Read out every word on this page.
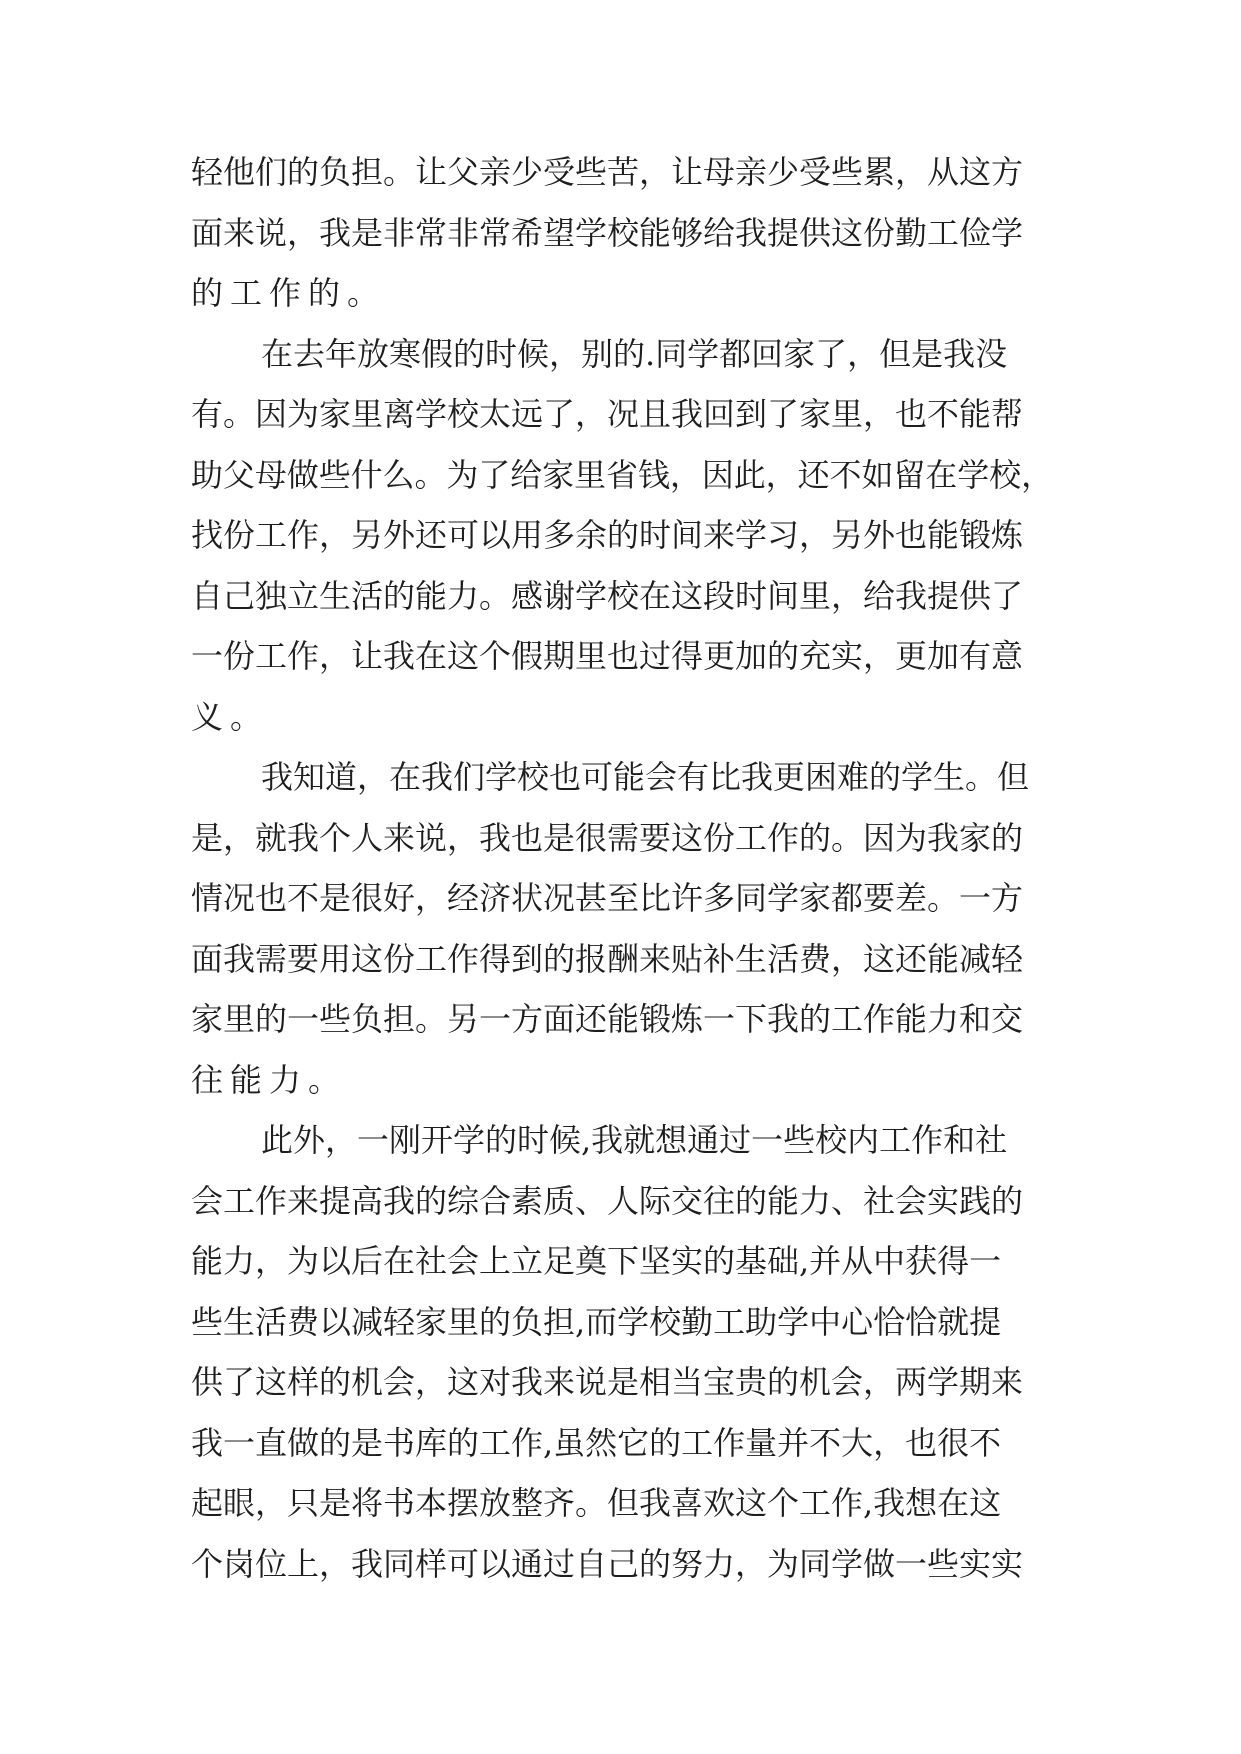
轻他们的负担。让父亲少受些苦，让母亲少受些累，从这方
面来说，我是非常非常希望学校能够给我提供这份勤工俭学
的工作的。
在去年放寒假的时候，别的.同学都回家了，但是我没
有。因为家里离学校太远了，况且我回到了家里，也不能帮
助父母做些什么。为了给家里省钱，因此，还不如留在学校，
找份工作，另外还可以用多余的时间来学习，另外也能锻炼
自己独立生活的能力。感谢学校在这段时间里，给我提供了
一份工作，让我在这个假期里也过得更加的充实，更加有意
义。
我知道，在我们学校也可能会有比我更困难的学生。但
是，就我个人来说，我也是很需要这份工作的。因为我家的
情况也不是很好，经济状况甚至比许多同学家都要差。一方
面我需要用这份工作得到的报酬来贴补生活费，这还能减轻
家里的一些负担。另一方面还能锻炼一下我的工作能力和交
往能力。
此外，一刚开学的时候,我就想通过一些校内工作和社
会工作来提高我的综合素质、人际交往的能力、社会实践的
能力，为以后在社会上立足奠下坚实的基础,并从中获得一
些生活费以减轻家里的负担,而学校勤工助学中心恰恰就提
供了这样的机会，这对我来说是相当宝贵的机会，两学期来
我一直做的是书库的工作,虽然它的工作量并不大，也很不
起眼，只是将书本摆放整齐。但我喜欢这个工作,我想在这
个岗位上，我同样可以通过自己的努力，为同学做一些实实
